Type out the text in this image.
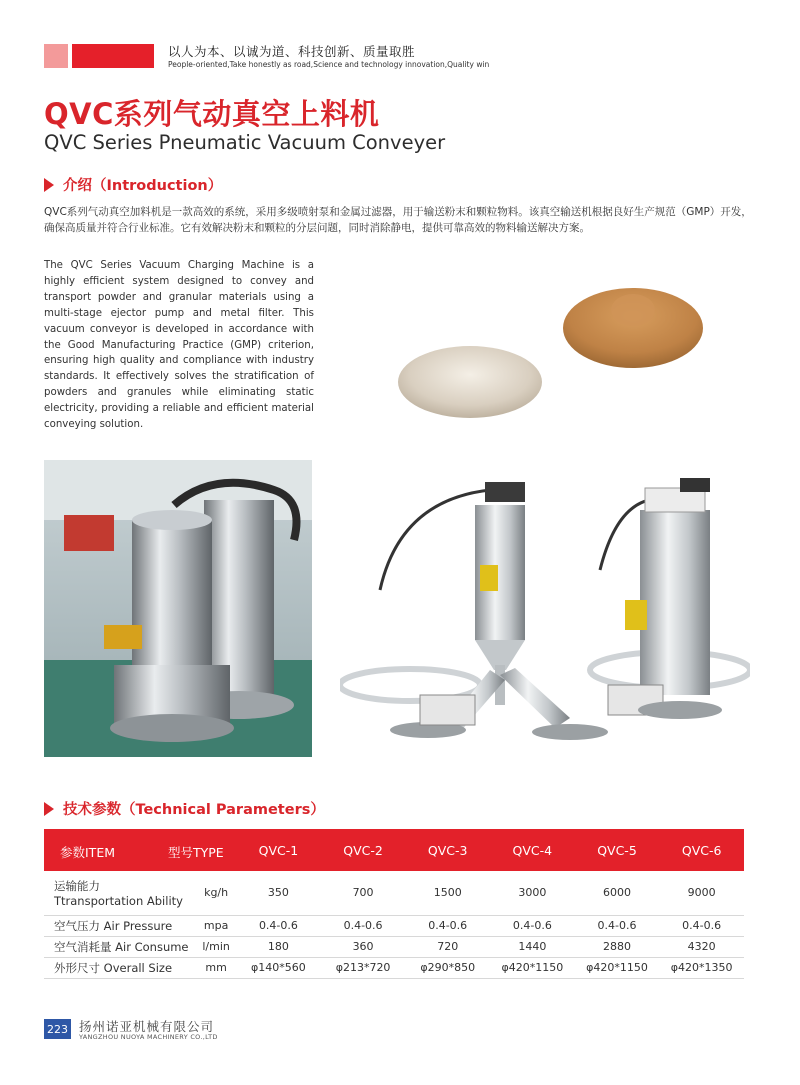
以人为本、以诚为道、科技创新、质量取胜
People-oriented,Take honestly as road,Science and technology innovation,Quality win
QVC系列气动真空上料机
QVC Series Pneumatic Vacuum Conveyer
介绍（Introduction）

QVC系列气动真空加料机是一款高效的系统，采用多级喷射泵和金属过滤器，用于输送粉末和颗粒物料。该真空输送机根据良好生产规范（GMP）开发，确保高质量并符合行业标准。它有效解决粉末和颗粒的分层问题，同时消除静电，提供可靠高效的物料输送解决方案。

The QVC Series Vacuum Charging Machine is a highly efficient system designed to convey and transport powder and granular materials using a multi-stage ejector pump and metal filter. This vacuum conveyor is developed in accordance with the Good Manufacturing Practice (GMP) criterion, ensuring high quality and compliance with industry standards. It effectively solves the stratification of powders and granules while eliminating static electricity, providing a reliable and efficient material conveying solution.

技术参数（Technical Parameters）
参数ITEM 型号TYPE		QVC-1	QVC-2	QVC-3	QVC-4	QVC-5	QVC-6

运输能力
Ttransportation Ability	kg/h	350	700	1500	3000	6000	9000
空气压力 Air Pressure	mpa	0.4-0.6	0.4-0.6	0.4-0.6	0.4-0.6	0.4-0.6	0.4-0.6
空气消耗量 Air Consume	l/min	180	360	720	1440	2880	4320
外形尺寸 Overall Size	mm	φ140*560	φ213*720	φ290*850	φ420*1150	φ420*1150	φ420*1350
223 扬州诺亚机械有限公司
YANGZHOU NUOYA MACHINERY CO.,LTD
